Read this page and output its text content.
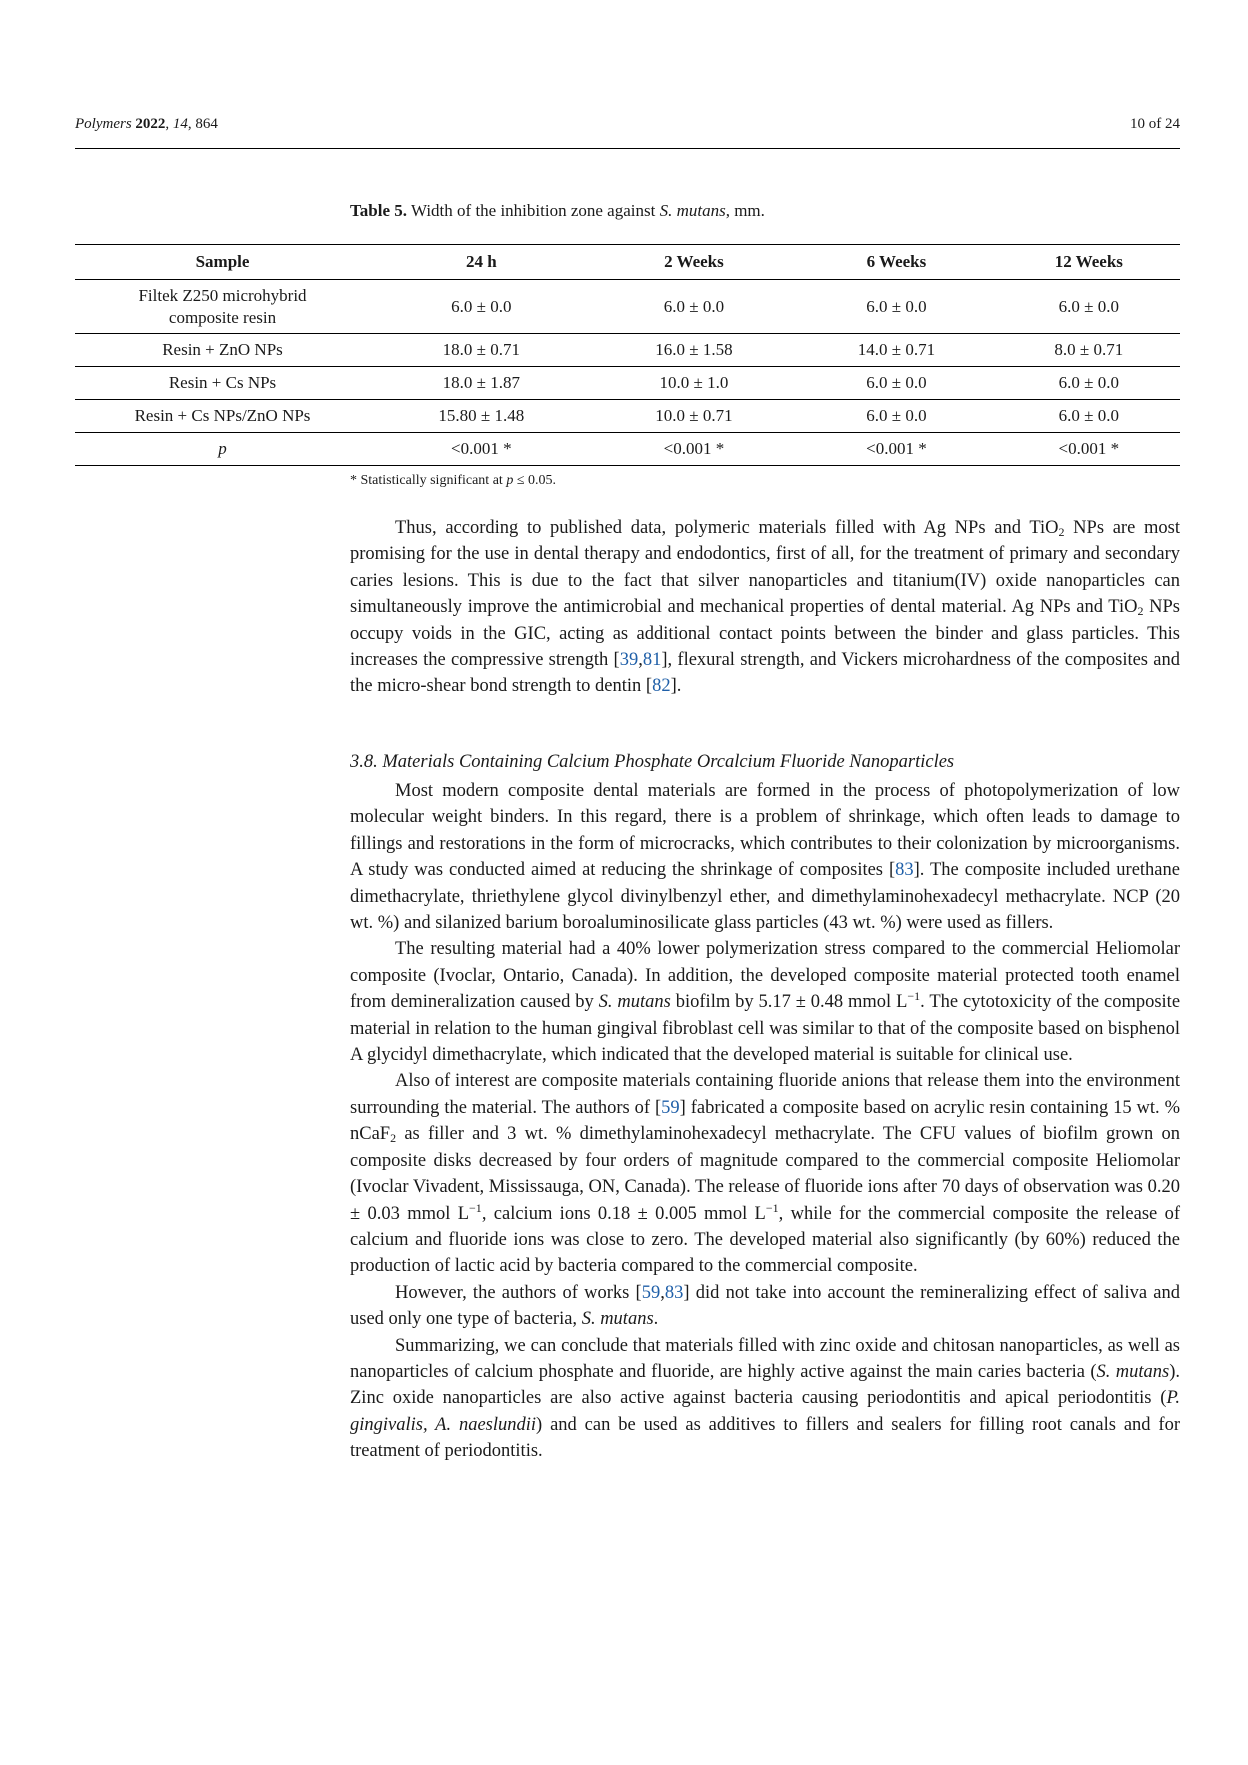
Polymers 2022, 14, 864	10 of 24
Table 5. Width of the inhibition zone against S. mutans, mm.
Sample	24 h	2 Weeks	6 Weeks	12 Weeks
Filtek Z250 microhybrid
composite resin	6.0 ± 0.0	6.0 ± 0.0	6.0 ± 0.0	6.0 ± 0.0
Resin + ZnO NPs	18.0 ± 0.71	16.0 ± 1.58	14.0 ± 0.71	8.0 ± 0.71
Resin + Cs NPs	18.0 ± 1.87	10.0 ± 1.0	6.0 ± 0.0	6.0 ± 0.0
Resin + Cs NPs/ZnO NPs	15.80 ± 1.48	10.0 ± 0.71	6.0 ± 0.0	6.0 ± 0.0
p	<0.001 *	<0.001 *	<0.001 *	<0.001 *
* Statistically significant at p ≤ 0.05.

Thus, according to published data, polymeric materials filled with Ag NPs and TiO$_2$ NPs are most promising for the use in dental therapy and endodontics, first of all, for the treatment of primary and secondary caries lesions. This is due to the fact that silver nanoparticles and titanium(IV) oxide nanoparticles can simultaneously improve the antimicrobial and mechanical properties of dental material. Ag NPs and TiO$_2$ NPs occupy voids in the GIC, acting as additional contact points between the binder and glass particles. This increases the compressive strength [39,81], flexural strength, and Vickers microhardness of the composites and the micro-shear bond strength to dentin [82].

3.8. Materials Containing Calcium Phosphate Orcalcium Fluoride Nanoparticles

Most modern composite dental materials are formed in the process of photopolymerization of low molecular weight binders. In this regard, there is a problem of shrinkage, which often leads to damage to fillings and restorations in the form of microcracks, which contributes to their colonization by microorganisms. A study was conducted aimed at reducing the shrinkage of composites [83]. The composite included urethane dimethacrylate, thriethylene glycol divinylbenzyl ether, and dimethylaminohexadecyl methacrylate. NCP (20 wt. %) and silanized barium boroaluminosilicate glass particles (43 wt. %) were used as fillers.

The resulting material had a 40% lower polymerization stress compared to the commercial Heliomolar composite (Ivoclar, Ontario, Canada). In addition, the developed composite material protected tooth enamel from demineralization caused by S. mutans biofilm by 5.17 ± 0.48 mmol $L^{-1}$. The cytotoxicity of the composite material in relation to the human gingival fibroblast cell was similar to that of the composite based on bisphenol A glycidyl dimethacrylate, which indicated that the developed material is suitable for clinical use.

Also of interest are composite materials containing fluoride anions that release them into the environment surrounding the material. The authors of [59] fabricated a composite based on acrylic resin containing 15 wt. % nCaF$_2$ as filler and 3 wt. % dimethylaminohexadecyl methacrylate. The CFU values of biofilm grown on composite disks decreased by four orders of magnitude compared to the commercial composite Heliomolar (Ivoclar Vivadent, Mississauga, ON, Canada). The release of fluoride ions after 70 days of observation was 0.20 ± 0.03 mmol $L^{-1}$, calcium ions 0.18 ± 0.005 mmol $L^{-1}$, while for the commercial composite the release of calcium and fluoride ions was close to zero. The developed material also significantly (by 60%) reduced the production of lactic acid by bacteria compared to the commercial composite.

However, the authors of works [59,83] did not take into account the remineralizing effect of saliva and used only one type of bacteria, S. mutans.

Summarizing, we can conclude that materials filled with zinc oxide and chitosan nanoparticles, as well as nanoparticles of calcium phosphate and fluoride, are highly active against the main caries bacteria (S. mutans). Zinc oxide nanoparticles are also active against bacteria causing periodontitis and apical periodontitis (P. gingivalis, A. naeslundii) and can be used as additives to fillers and sealers for filling root canals and for treatment of periodontitis.
